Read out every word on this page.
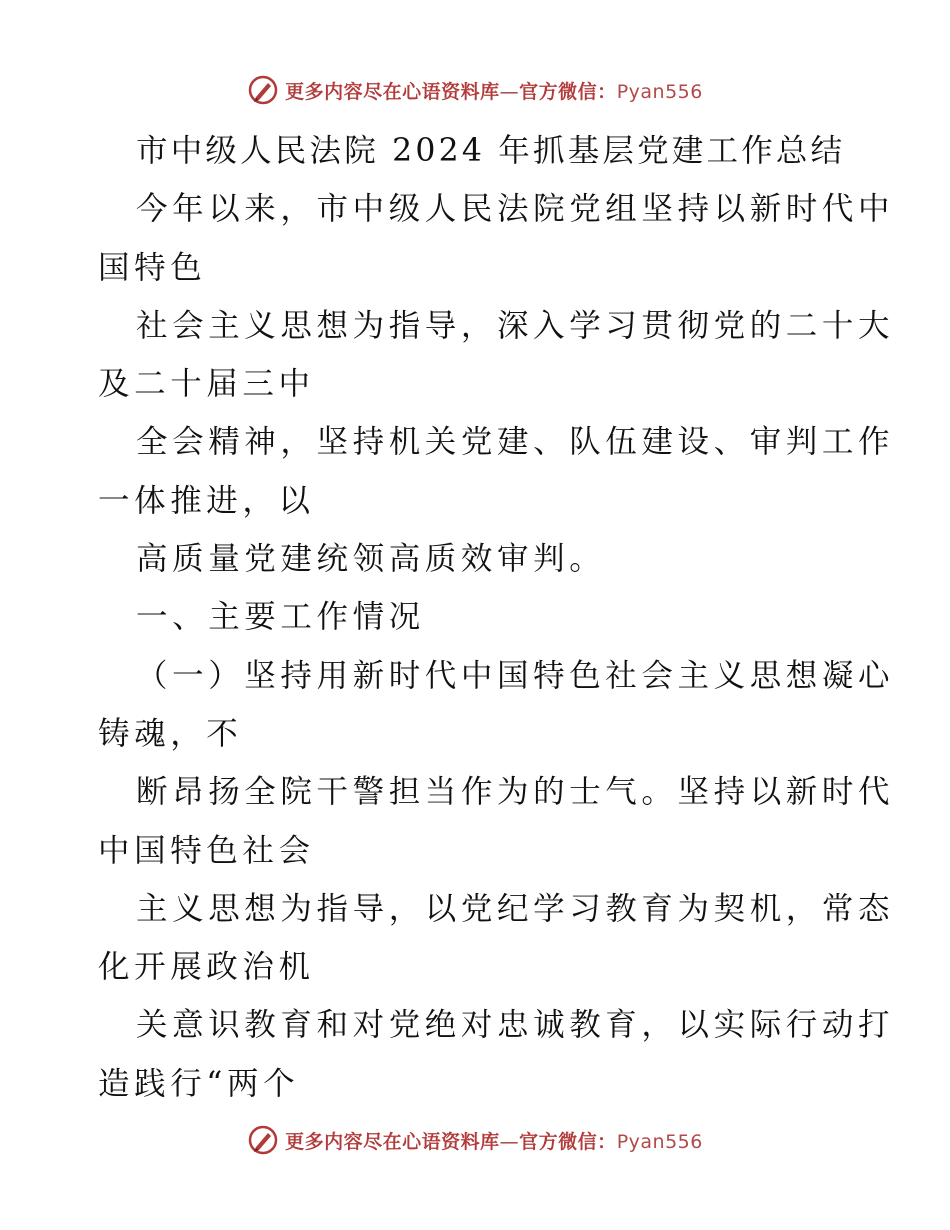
更多内容尽在心语资料库—官方微信：Pyan556
市中级人民法院 2024 年抓基层党建工作总结
今年以来，市中级人民法院党组坚持以新时代中
国特色
社会主义思想为指导，深入学习贯彻党的二十大
及二十届三中
全会精神，坚持机关党建、队伍建设、审判工作
一体推进，以
高质量党建统领高质效审判。
一、主要工作情况
（一）坚持用新时代中国特色社会主义思想凝心
铸魂，不
断昂扬全院干警担当作为的士气。坚持以新时代
中国特色社会
主义思想为指导，以党纪学习教育为契机，常态
化开展政治机
关意识教育和对党绝对忠诚教育，以实际行动打
造践行“两个
更多内容尽在心语资料库—官方微信：Pyan556
